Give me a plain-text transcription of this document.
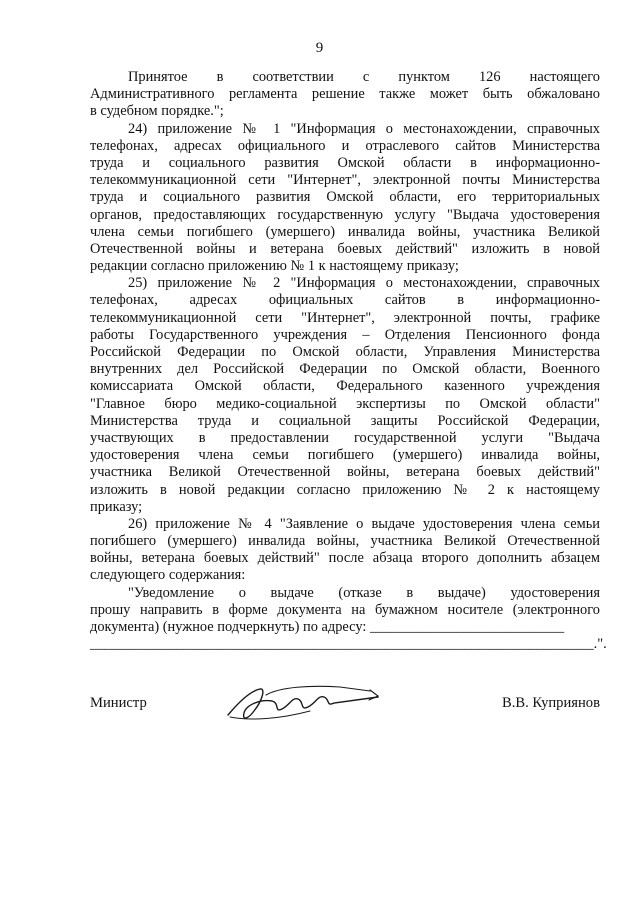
9
Принятое в соответствии с пунктом 126 настоящего
Административного регламента решение также может быть обжаловано
в судебном порядке.";
24) приложение № 1 "Информация о местонахождении, справочных
телефонах, адресах официального и отраслевого сайтов Министерства
труда и социального развития Омской области в информационно-
телекоммуникационной сети "Интернет", электронной почты Министерства
труда и социального развития Омской области, его территориальных
органов, предоставляющих государственную услугу "Выдача удостоверения
члена семьи погибшего (умершего) инвалида войны, участника Великой
Отечественной войны и ветерана боевых действий" изложить в новой
редакции согласно приложению № 1 к настоящему приказу;
25) приложение № 2 "Информация о местонахождении, справочных
телефонах, адресах официальных сайтов в информационно-
телекоммуникационной сети "Интернет", электронной почты, графике
работы Государственного учреждения – Отделения Пенсионного фонда
Российской Федерации по Омской области, Управления Министерства
внутренних дел Российской Федерации по Омской области, Военного
комиссариата Омской области, Федерального казенного учреждения
"Главное бюро медико-социальной экспертизы по Омской области"
Министерства труда и социальной защиты Российской Федерации,
участвующих в предоставлении государственной услуги "Выдача
удостоверения члена семьи погибшего (умершего) инвалида войны,
участника Великой Отечественной войны, ветерана боевых действий"
изложить в новой редакции согласно приложению № 2 к настоящему
приказу;
26) приложение № 4 "Заявление о выдаче удостоверения члена семьи
погибшего (умершего) инвалида войны, участника Великой Отечественной
войны, ветерана боевых действий" после абзаца второго дополнить абзацем
следующего содержания:
"Уведомление о выдаче (отказе в выдаче) удостоверения
прошу направить в форме документа на бумажном носителе (электронного
документа) (нужное подчеркнуть) по адресу: ___________________________
______________________________________________________________________.".
Министр	В.В. Куприянов
